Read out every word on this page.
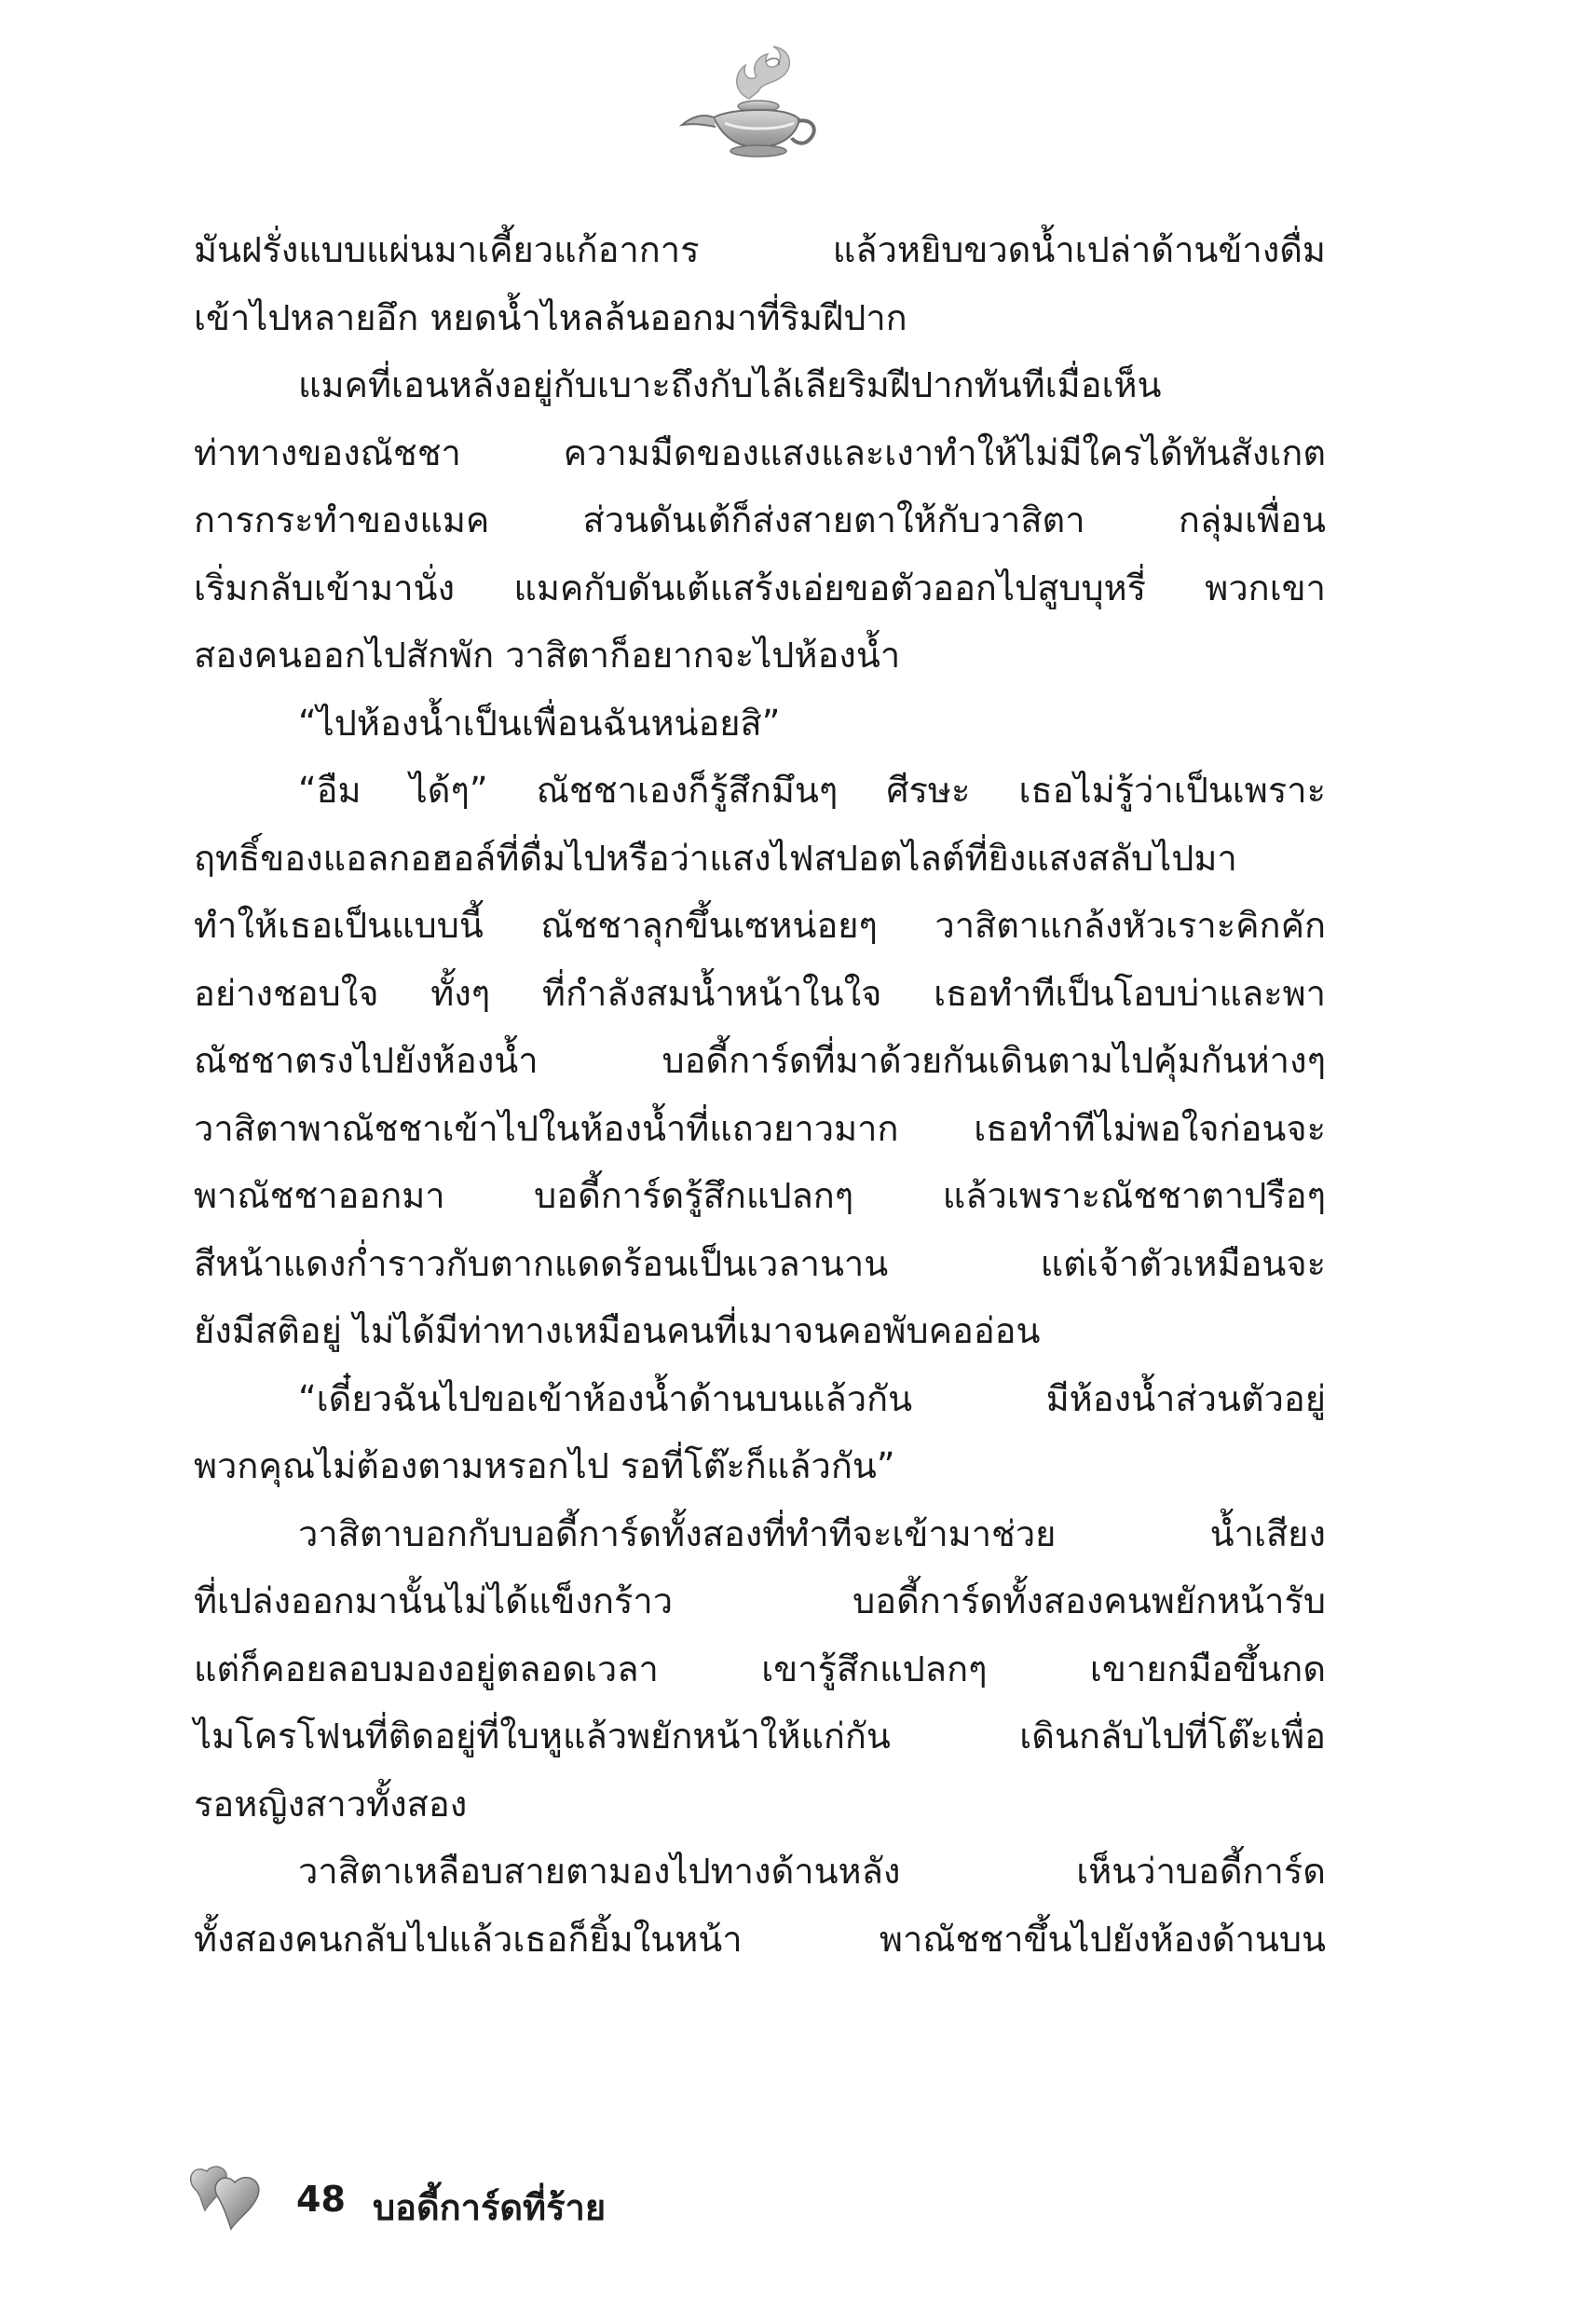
มันฝรั่งแบบแผ่นมาเคี้ยวแก้อาการ แล้วหยิบขวดน้ำเปล่าด้านข้างดื่ม
เข้าไปหลายอึก หยดน้ำไหลล้นออกมาที่ริมฝีปาก
แมคที่เอนหลังอยู่กับเบาะถึงกับไล้เลียริมฝีปากทันทีเมื่อเห็น
ท่าทางของณัชชา ความมืดของแสงและเงาทำให้ไม่มีใครได้ทันสังเกต
การกระทำของแมค ส่วนดันเต้ก็ส่งสายตาให้กับวาสิตา กลุ่มเพื่อน
เริ่มกลับเข้ามานั่ง แมคกับดันเต้แสร้งเอ่ยขอตัวออกไปสูบบุหรี่ พวกเขา
สองคนออกไปสักพัก วาสิตาก็อยากจะไปห้องน้ำ
“ไปห้องน้ำเป็นเพื่อนฉันหน่อยสิ”
“อืม ได้ๆ” ณัชชาเองก็รู้สึกมึนๆ ศีรษะ เธอไม่รู้ว่าเป็นเพราะ
ฤทธิ์ของแอลกอฮอล์ที่ดื่มไปหรือว่าแสงไฟสปอตไลต์ที่ยิงแสงสลับไปมา
ทำให้เธอเป็นแบบนี้ ณัชชาลุกขึ้นเซหน่อยๆ วาสิตาแกล้งหัวเราะคิกคัก
อย่างชอบใจ ทั้งๆ ที่กำลังสมน้ำหน้าในใจ เธอทำทีเป็นโอบบ่าและพา
ณัชชาตรงไปยังห้องน้ำ บอดี้การ์ดที่มาด้วยกันเดินตามไปคุ้มกันห่างๆ
วาสิตาพาณัชชาเข้าไปในห้องน้ำที่แถวยาวมาก เธอทำทีไม่พอใจก่อนจะ
พาณัชชาออกมา บอดี้การ์ดรู้สึกแปลกๆ แล้วเพราะณัชชาตาปรือๆ
สีหน้าแดงก่ำราวกับตากแดดร้อนเป็นเวลานาน แต่เจ้าตัวเหมือนจะ
ยังมีสติอยู่ ไม่ได้มีท่าทางเหมือนคนที่เมาจนคอพับคออ่อน
“เดี๋ยวฉันไปขอเข้าห้องน้ำด้านบนแล้วกัน มีห้องน้ำส่วนตัวอยู่
พวกคุณไม่ต้องตามหรอกไป รอที่โต๊ะก็แล้วกัน”
วาสิตาบอกกับบอดี้การ์ดทั้งสองที่ทำทีจะเข้ามาช่วย น้ำเสียง
ที่เปล่งออกมานั้นไม่ได้แข็งกร้าว บอดี้การ์ดทั้งสองคนพยักหน้ารับ
แต่ก็คอยลอบมองอยู่ตลอดเวลา เขารู้สึกแปลกๆ เขายกมือขึ้นกด
ไมโครโฟนที่ติดอยู่ที่ใบหูแล้วพยักหน้าให้แก่กัน เดินกลับไปที่โต๊ะเพื่อ
รอหญิงสาวทั้งสอง
วาสิตาเหลือบสายตามองไปทางด้านหลัง เห็นว่าบอดี้การ์ด
ทั้งสองคนกลับไปแล้วเธอก็ยิ้มในหน้า พาณัชชาขึ้นไปยังห้องด้านบน
48 บอดี้การ์ดที่ร้าย
